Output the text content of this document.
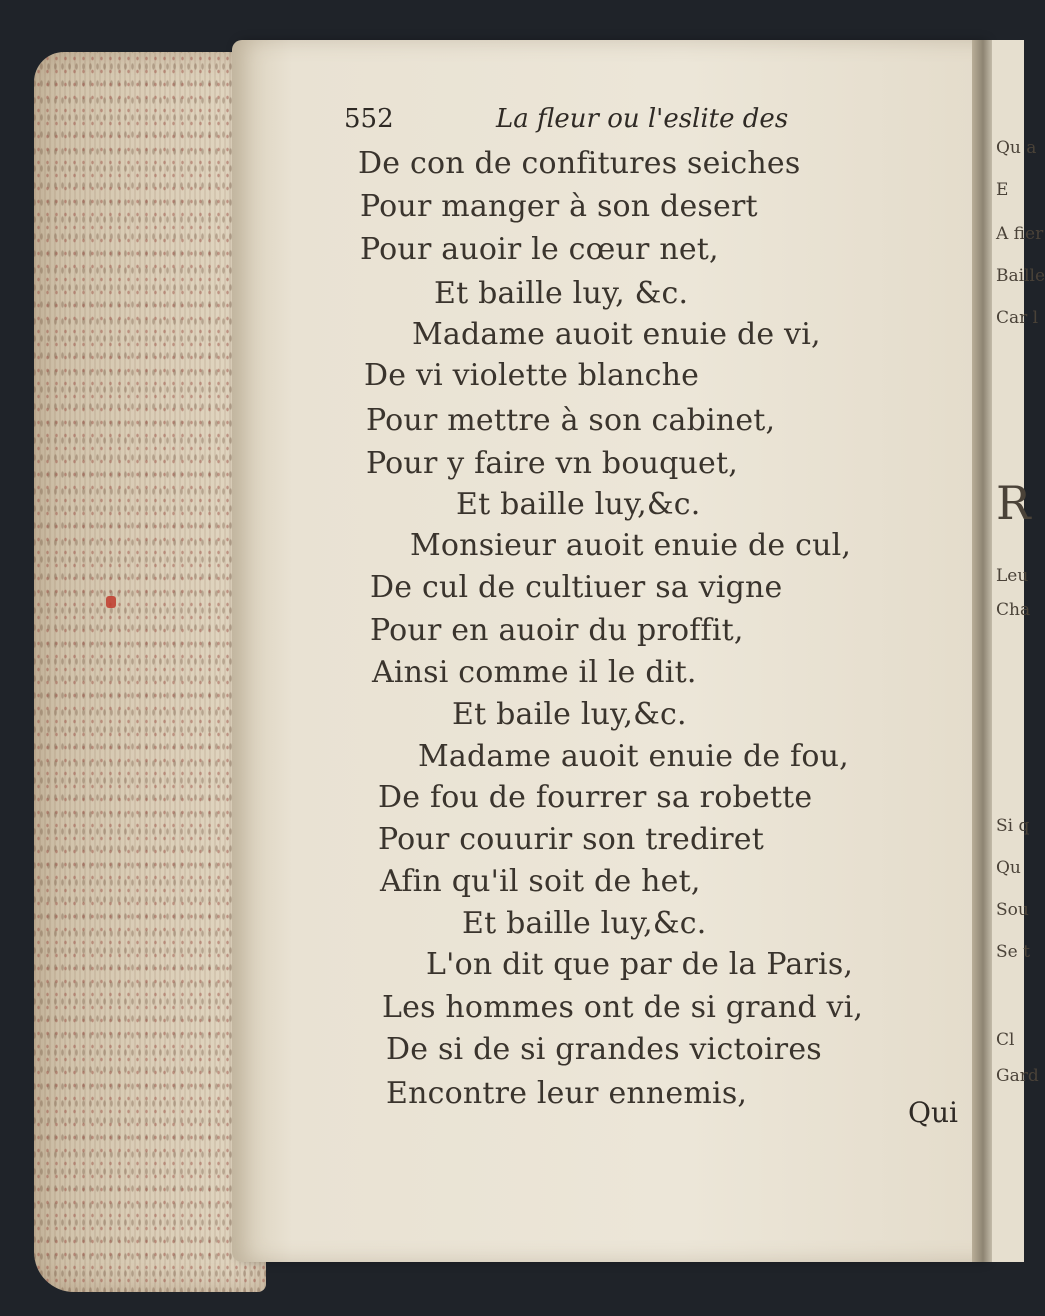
Qu a
E
A fier
Baille
Car l
R
Leu
Cha
Si q
Qu
Sou
Se t
Cl
Gard
552	La fleur ou l'eslite des
De con de confitures seiches
Pour manger à son desert
Pour auoir le cœur net,
Et baille luy, &c.
Madame auoit enuie de vi,
De vi violette blanche
Pour mettre à son cabinet,
Pour y faire vn bouquet,
Et baille luy,&c.
Monsieur auoit enuie de cul,
De cul de cultiuer sa vigne
Pour en auoir du proffit,
Ainsi comme il le dit.
Et baile luy,&c.
Madame auoit enuie de fou,
De fou de fourrer sa robette
Pour couurir son trediret
Afin qu'il soit de het,
Et baille luy,&c.
L'on dit que par de la Paris,
Les hommes ont de si grand vi,
De si de si grandes victoires
Encontre leur ennemis,
Qui
